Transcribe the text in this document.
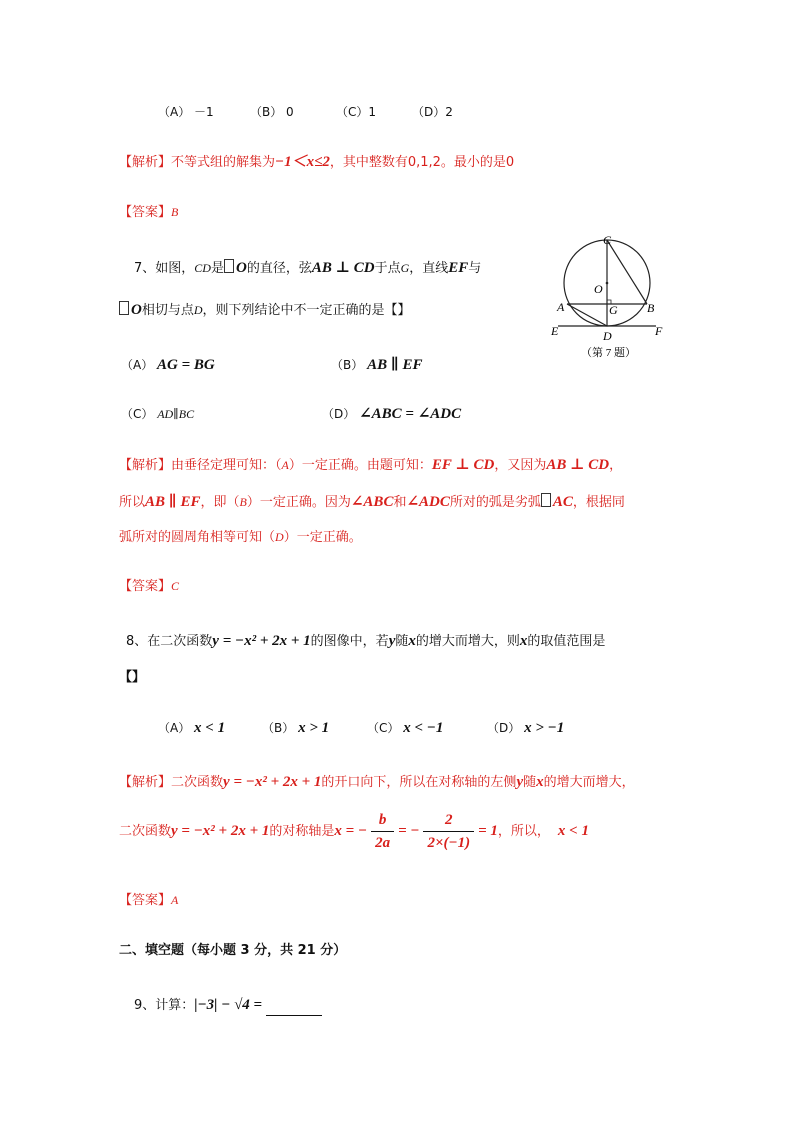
（A） －1	（B） 0	（C）1	（D）2
【解析】不等式组的解集为−1＜x≤2，其中整数有0,1,2。最小的是0
【答案】B
7、如图，CD是 O的直径，弦AB ⊥ CD于点G，直线EF与
O相切与点D，则下列结论中不一定正确的是【】
C
O
A	G B
E	D	F
（第 7 题）
（A） AG = BG	（B） AB ∥ EF
（C） AD∥BC	（D） ∠ABC = ∠ADC
【解析】由垂径定理可知：（A）一定正确。由题可知：EF ⊥ CD，又因为AB ⊥ CD，
所以AB ∥ EF，即（B）一定正确。因为∠ABC和∠ADC所对的弧是劣弧 AC，根据同
弧所对的圆周角相等可知（D）一定正确。
【答案】C
8、在二次函数y = −x² + 2x + 1的图像中，若y随x的增大而增大，则x的取值范围是
【】
（A） x < 1	（B） x > 1	（C） x < −1	（D） x > −1
【解析】二次函数y = −x² + 2x + 1的开口向下，所以在对称轴的左侧y随x的增大而增大，
二次函数y = −x² + 2x + 1的对称轴是x = − $\frac{b}{2a}$ = − $\frac{2}{2\times(-1)} = 1$，所以， x < 1
【答案】A
二、填空题（每小题 3 分，共 21 分）
9、计算：|−3| − √4 =
